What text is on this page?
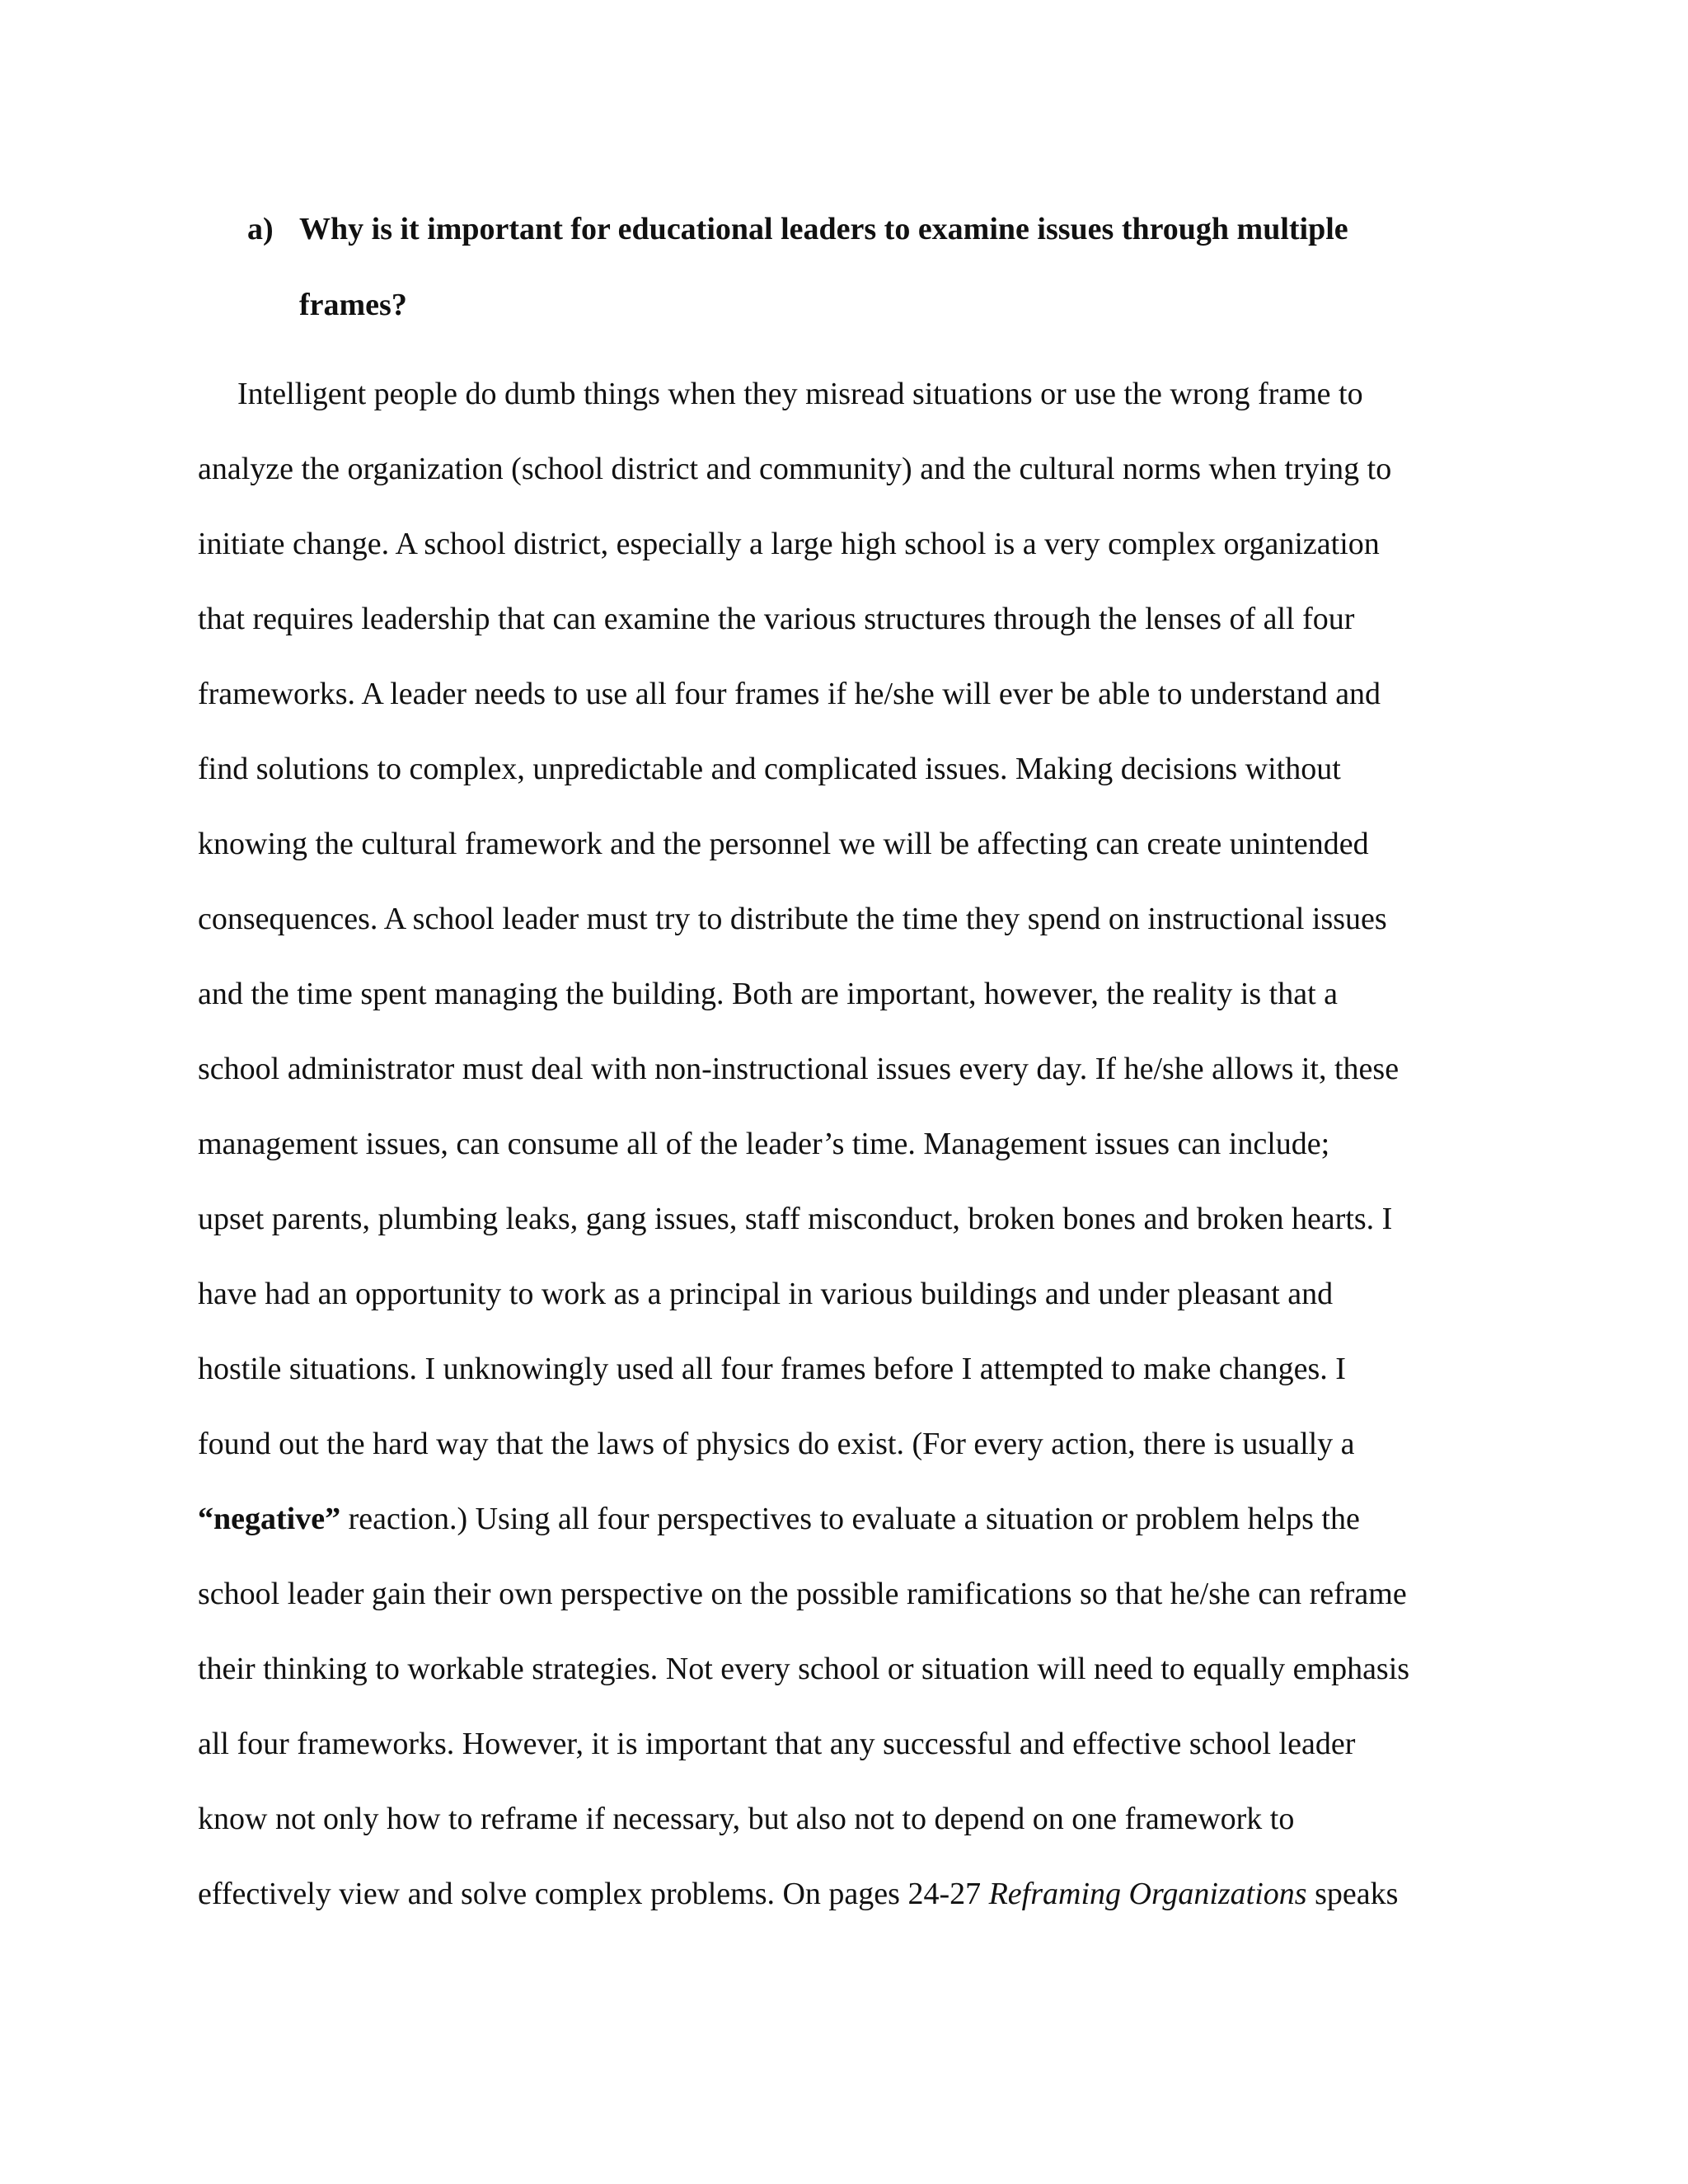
a) Why is it important for educational leaders to examine issues through multiple
frames?
Intelligent people do dumb things when they misread situations or use the wrong frame to
analyze the organization (school district and community) and the cultural norms when trying to
initiate change. A school district, especially a large high school is a very complex organization
that requires leadership that can examine the various structures through the lenses of all four
frameworks. A leader needs to use all four frames if he/she will ever be able to understand and
find solutions to complex, unpredictable and complicated issues. Making decisions without
knowing the cultural framework and the personnel we will be affecting can create unintended
consequences. A school leader must try to distribute the time they spend on instructional issues
and the time spent managing the building. Both are important, however, the reality is that a
school administrator must deal with non-instructional issues every day. If he/she allows it, these
management issues, can consume all of the leader’s time. Management issues can include;
upset parents, plumbing leaks, gang issues, staff misconduct, broken bones and broken hearts. I
have had an opportunity to work as a principal in various buildings and under pleasant and
hostile situations. I unknowingly used all four frames before I attempted to make changes. I
found out the hard way that the laws of physics do exist. (For every action, there is usually a
“negative” reaction.) Using all four perspectives to evaluate a situation or problem helps the
school leader gain their own perspective on the possible ramifications so that he/she can reframe
their thinking to workable strategies. Not every school or situation will need to equally emphasis
all four frameworks. However, it is important that any successful and effective school leader
know not only how to reframe if necessary, but also not to depend on one framework to
effectively view and solve complex problems. On pages 24-27 Reframing Organizations speaks
